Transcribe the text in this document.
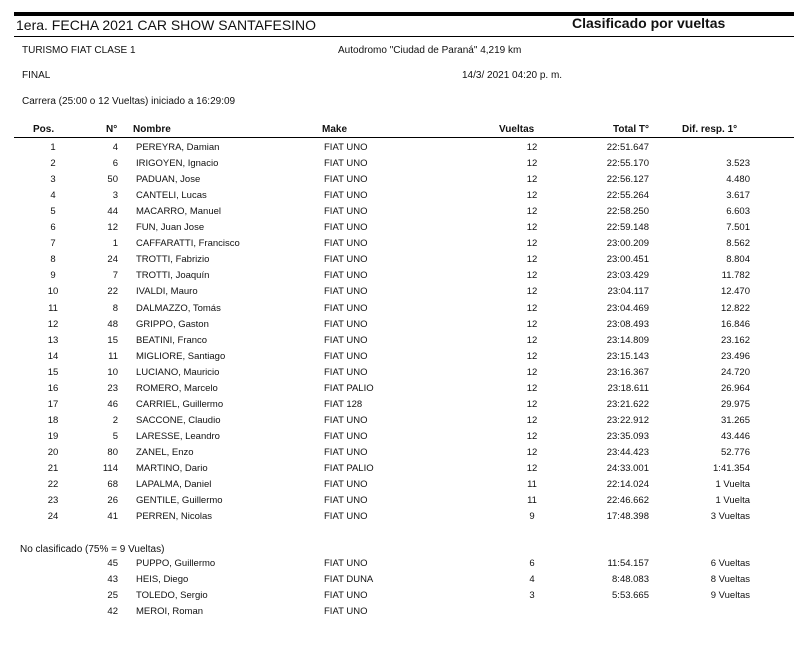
1era. FECHA 2021 CAR SHOW SANTAFESINO	Clasificado por vueltas
TURISMO FIAT CLASE 1	Autodromo "Ciudad de Paraná" 4,219 km
FINAL	14/3/ 2021 04:20 p. m.
Carrera (25:00 o 12 Vueltas) iniciado a 16:29:09
Pos.	N° Nombre	Make	Vueltas	Total T°	Dif. resp. 1°
1	4 PEREYRA, Damian	FIAT UNO	12	22:51.647
2	6 IRIGOYEN, Ignacio	FIAT UNO	12	22:55.170	3.523
3	50 PADUAN, Jose	FIAT UNO	12	22:56.127	4.480
4	3 CANTELI, Lucas	FIAT UNO	12	22:55.264	3.617
5	44 MACARRO, Manuel	FIAT UNO	12	22:58.250	6.603
6	12 FUN, Juan Jose	FIAT UNO	12	22:59.148	7.501
7	1 CAFFARATTI, Francisco	FIAT UNO	12	23:00.209	8.562
8	24 TROTTI, Fabrizio	FIAT UNO	12	23:00.451	8.804
9	7 TROTTI, Joaquín	FIAT UNO	12	23:03.429	11.782
10	22 IVALDI, Mauro	FIAT UNO	12	23:04.117	12.470
11	8 DALMAZZO, Tomás	FIAT UNO	12	23:04.469	12.822
12	48 GRIPPO, Gaston	FIAT UNO	12	23:08.493	16.846
13	15 BEATINI, Franco	FIAT UNO	12	23:14.809	23.162
14	11 MIGLIORE, Santiago	FIAT UNO	12	23:15.143	23.496
15	10 LUCIANO, Mauricio	FIAT UNO	12	23:16.367	24.720
16	23 ROMERO, Marcelo	FIAT PALIO	12	23:18.611	26.964
17	46 CARRIEL, Guillermo	FIAT 128	12	23:21.622	29.975
18	2 SACCONE, Claudio	FIAT UNO	12	23:22.912	31.265
19	5 LARESSE, Leandro	FIAT UNO	12	23:35.093	43.446
20	80 ZANEL, Enzo	FIAT UNO	12	23:44.423	52.776
21	114 MARTINO, Dario	FIAT PALIO	12	24:33.001	1:41.354
22	68 LAPALMA, Daniel	FIAT UNO	11	22:14.024	1 Vuelta
23	26 GENTILE, Guillermo	FIAT UNO	11	22:46.662	1 Vuelta
24	41 PERREN, Nicolas	FIAT UNO	9	17:48.398	3 Vueltas
No clasificado (75% = 9 Vueltas)
45 PUPPO, Guillermo	FIAT UNO	6	11:54.157	6 Vueltas
43 HEIS, Diego	FIAT DUNA	4	8:48.083	8 Vueltas
25 TOLEDO, Sergio	FIAT UNO	3	5:53.665	9 Vueltas
42 MEROI, Roman	FIAT UNO
